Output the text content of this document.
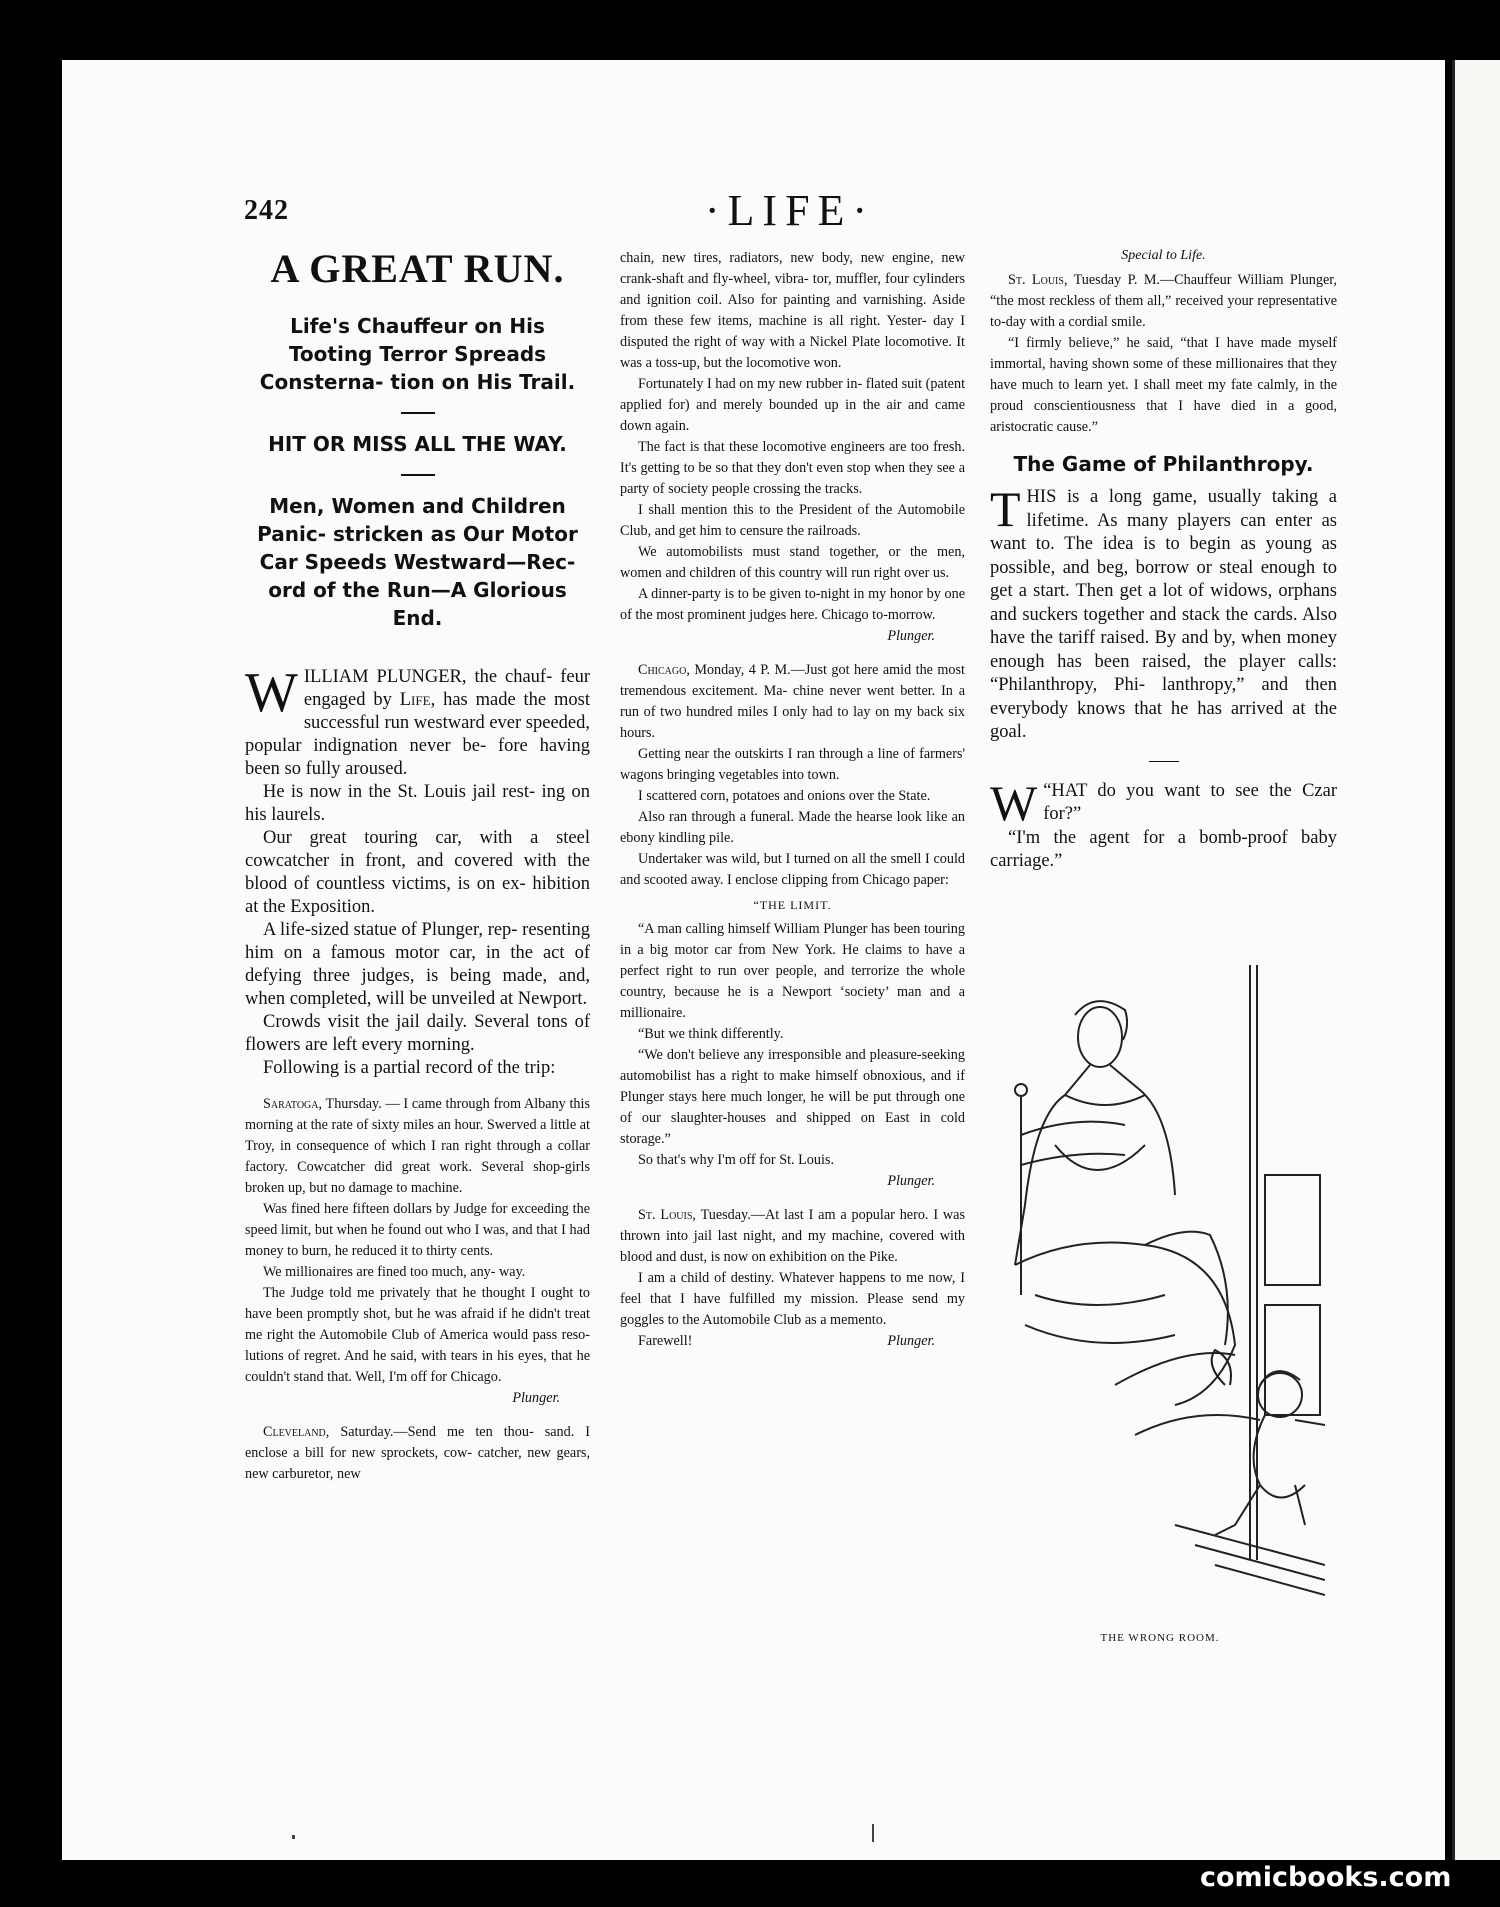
242	·LIFE·
A GREAT RUN.

Life's Chauffeur on His Tooting Terror Spreads Consterna- tion on His Trail.

HIT OR MISS ALL THE WAY.

Men, Women and Children Panic- stricken as Our Motor Car Speeds Westward—Rec- ord of the Run—A Glorious End.

WILLIAM PLUNGER, the chauf- feur engaged by Life, has made the most successful run westward ever speeded, popular indignation never be- fore having been so fully aroused.

He is now in the St. Louis jail rest- ing on his laurels.

Our great touring car, with a steel cowcatcher in front, and covered with the blood of countless victims, is on ex- hibition at the Exposition.

A life-sized statue of Plunger, rep- resenting him on a famous motor car, in the act of defying three judges, is being made, and, when completed, will be unveiled at Newport.

Crowds visit the jail daily. Several tons of flowers are left every morning.

Following is a partial record of the trip:

Saratoga, Thursday. — I came through from Albany this morning at the rate of sixty miles an hour. Swerved a little at Troy, in consequence of which I ran right through a collar factory. Cowcatcher did great work. Several shop-girls broken up, but no damage to machine.

Was fined here fifteen dollars by Judge for exceeding the speed limit, but when he found out who I was, and that I had money to burn, he reduced it to thirty cents.

We millionaires are fined too much, any- way.

The Judge told me privately that he thought I ought to have been promptly shot, but he was afraid if he didn't treat me right the Automobile Club of America would pass reso- lutions of regret. And he said, with tears in his eyes, that he couldn't stand that. Well, I'm off for Chicago.

Plunger.

Cleveland, Saturday.—Send me ten thou- sand. I enclose a bill for new sprockets, cow- catcher, new gears, new carburetor, new

chain, new tires, radiators, new body, new engine, new crank-shaft and fly-wheel, vibra- tor, muffler, four cylinders and ignition coil. Also for painting and varnishing. Aside from these few items, machine is all right. Yester- day I disputed the right of way with a Nickel Plate locomotive. It was a toss-up, but the locomotive won.

Fortunately I had on my new rubber in- flated suit (patent applied for) and merely bounded up in the air and came down again.

The fact is that these locomotive engineers are too fresh. It's getting to be so that they don't even stop when they see a party of society people crossing the tracks.

I shall mention this to the President of the Automobile Club, and get him to censure the railroads.

We automobilists must stand together, or the men, women and children of this country will run right over us.

A dinner-party is to be given to-night in my honor by one of the most prominent judges here. Chicago to-morrow.

Plunger.

Chicago, Monday, 4 P. M.—Just got here amid the most tremendous excitement. Ma- chine never went better. In a run of two hundred miles I only had to lay on my back six hours.

Getting near the outskirts I ran through a line of farmers' wagons bringing vegetables into town.

I scattered corn, potatoes and onions over the State.

Also ran through a funeral. Made the hearse look like an ebony kindling pile.

Undertaker was wild, but I turned on all the smell I could and scooted away. I enclose clipping from Chicago paper:

“THE LIMIT.

“A man calling himself William Plunger has been touring in a big motor car from New York. He claims to have a perfect right to run over people, and terrorize the whole country, because he is a Newport ‘society’ man and a millionaire.

“But we think differently.

“We don't believe any irresponsible and pleasure-seeking automobilist has a right to make himself obnoxious, and if Plunger stays here much longer, he will be put through one of our slaughter-houses and shipped on East in cold storage.”

So that's why I'm off for St. Louis.

Plunger.

St. Louis, Tuesday.—At last I am a popular hero. I was thrown into jail last night, and my machine, covered with blood and dust, is now on exhibition on the Pike.

I am a child of destiny. Whatever happens to me now, I feel that I have fulfilled my mission. Please send my goggles to the Automobile Club as a memento.

Farewell!	Plunger.

Special to Life.

St. Louis, Tuesday P. M.—Chauffeur William Plunger, “the most reckless of them all,” received your representative to-day with a cordial smile.

“I firmly believe,” he said, “that I have made myself immortal, having shown some of these millionaires that they have much to learn yet. I shall meet my fate calmly, in the proud conscientiousness that I have died in a good, aristocratic cause.”

The Game of Philanthropy.

THIS is a long game, usually taking a lifetime. As many players can enter as want to. The idea is to begin as young as possible, and beg, borrow or steal enough to get a start. Then get a lot of widows, orphans and suckers together and stack the cards. Also have the tariff raised. By and by, when money enough has been raised, the player calls: “Philanthropy, Phi- lanthropy,” and then everybody knows that he has arrived at the goal.

“
W HAT do you want to see the Czar for?”

“I'm the agent for a bomb-proof baby carriage.”

THE WRONG ROOM.
comicbooks.com
